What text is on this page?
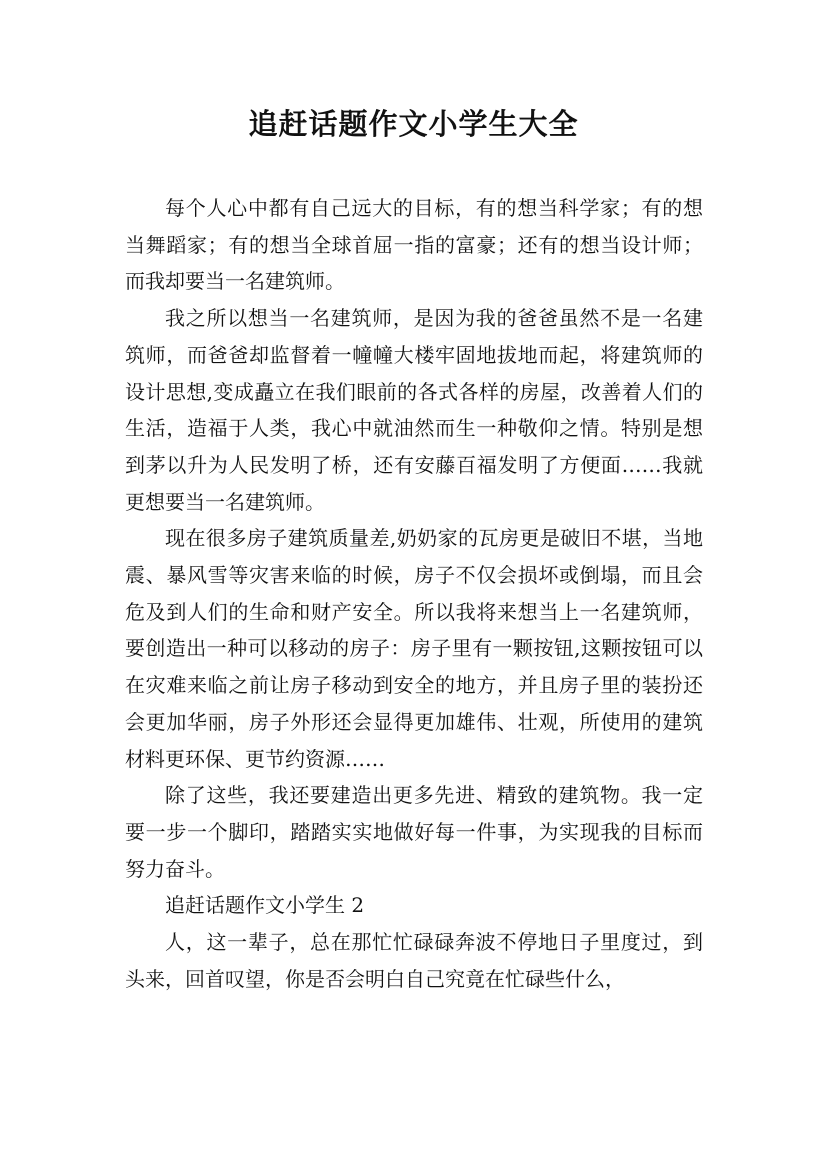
追赶话题作文小学生大全

每个人心中都有自己远大的目标，有的想当科学家；有的想当舞蹈家；有的想当全球首屈一指的富豪；还有的想当设计师；而我却要当一名建筑师。

我之所以想当一名建筑师，是因为我的爸爸虽然不是一名建筑师，而爸爸却监督着一幢幢大楼牢固地拔地而起，将建筑师的设计思想,变成矗立在我们眼前的各式各样的房屋，改善着人们的生活，造福于人类，我心中就油然而生一种敬仰之情。特别是想到茅以升为人民发明了桥，还有安藤百福发明了方便面……我就更想要当一名建筑师。

现在很多房子建筑质量差,奶奶家的瓦房更是破旧不堪，当地震、暴风雪等灾害来临的时候，房子不仅会损坏或倒塌，而且会危及到人们的生命和财产安全。所以我将来想当上一名建筑师，要创造出一种可以移动的房子：房子里有一颗按钮,这颗按钮可以在灾难来临之前让房子移动到安全的地方，并且房子里的装扮还会更加华丽，房子外形还会显得更加雄伟、壮观，所使用的建筑材料更环保、更节约资源……

除了这些，我还要建造出更多先进、精致的建筑物。我一定要一步一个脚印，踏踏实实地做好每一件事，为实现我的目标而努力奋斗。

追赶话题作文小学生 2

人，这一辈子，总在那忙忙碌碌奔波不停地日子里度过，到头来，回首叹望，你是否会明白自己究竟在忙碌些什么，
